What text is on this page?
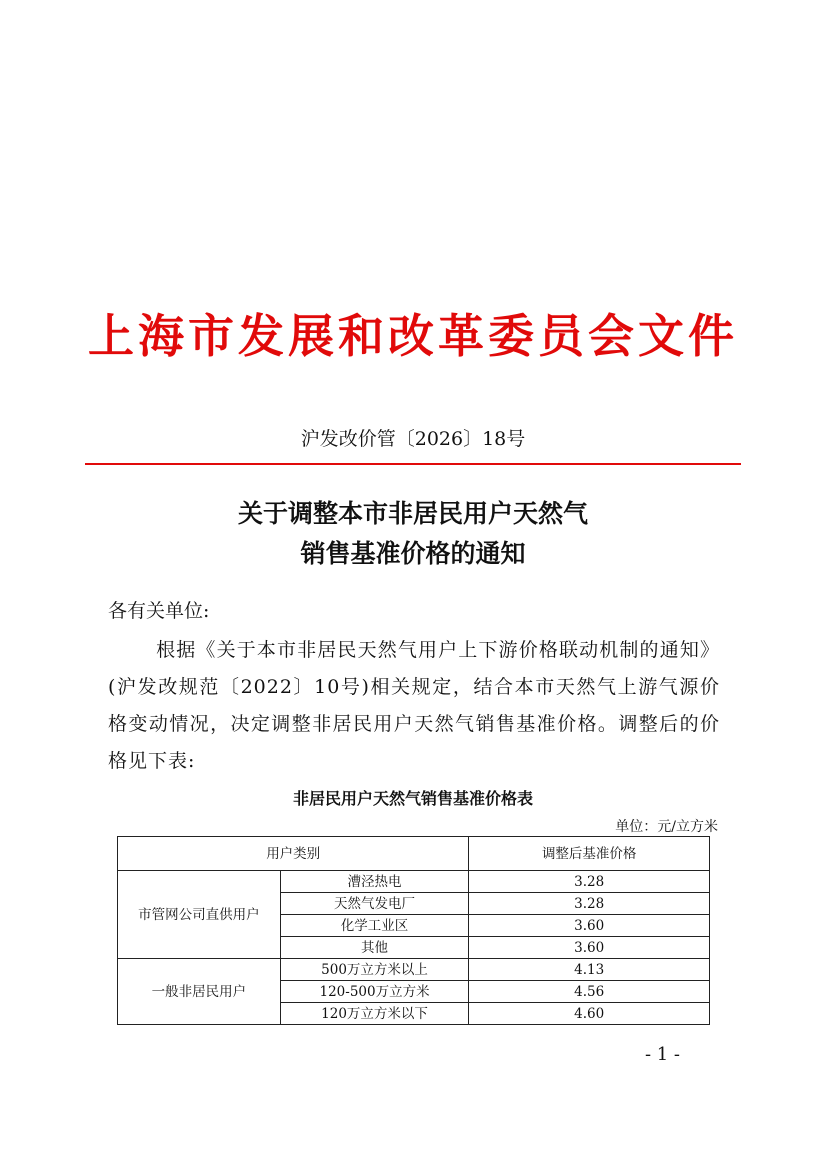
上海市发展和改革委员会文件
沪发改价管〔2026〕18号
关于调整本市非居民用户天然气
销售基准价格的通知
各有关单位:
根据《关于本市非居民天然气用户上下游价格联动机制的通知》(沪发改规范〔2022〕10号)相关规定，结合本市天然气上游气源价格变动情况，决定调整非居民用户天然气销售基准价格。调整后的价格见下表:
非居民用户天然气销售基准价格表
单位：元/立方米
用户类别		调整后基准价格
市管网公司直供用户	漕泾热电	3.28
	天然气发电厂	3.28
	化学工业区	3.60
	其他	3.60
一般非居民用户	500万立方米以上	4.13
	120-500万立方米	4.56
	120万立方米以下	4.60
- 1 -
